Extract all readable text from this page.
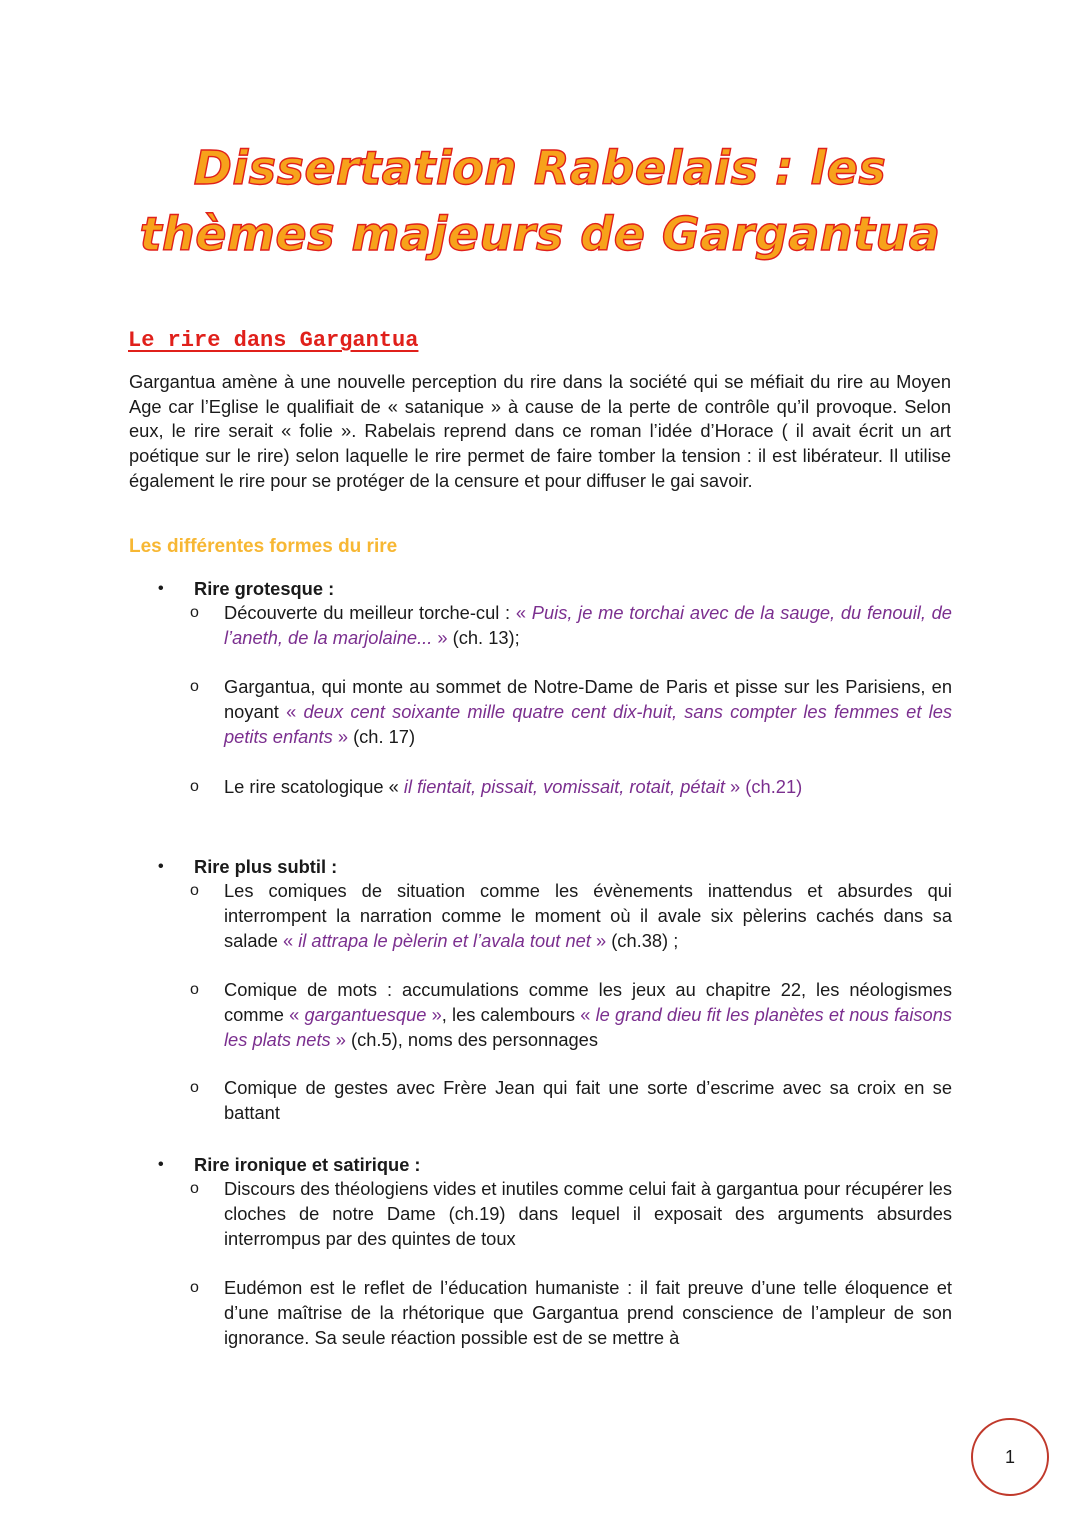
Dissertation Rabelais : les
thèmes majeurs de Gargantua
Le rire dans Gargantua

Gargantua amène à une nouvelle perception du rire dans la société qui se méfiait du rire au Moyen Age car l’Eglise le qualifiait de « satanique » à cause de la perte de contrôle qu’il provoque. Selon eux, le rire serait « folie ». Rabelais reprend dans ce roman l’idée d’Horace ( il avait écrit un art poétique sur le rire) selon laquelle le rire permet de faire tomber la tension : il est libérateur. Il utilise également le rire pour se protéger de la censure et pour diffuser le gai savoir.

Les différentes formes du rire
• Rire grotesque :
o Découverte du meilleur torche-cul : « Puis, je me torchai avec de la sauge, du fenouil, de l’aneth, de la marjolaine... » (ch. 13);
o Gargantua, qui monte au sommet de Notre-Dame de Paris et pisse sur les Parisiens, en noyant « deux cent soixante mille quatre cent dix-huit, sans compter les femmes et les petits enfants » (ch. 17)
o Le rire scatologique « il fientait, pissait, vomissait, rotait, pétait » (ch.21)
• Rire plus subtil :
o Les comiques de situation comme les évènements inattendus et absurdes qui interrompent la narration comme le moment où il avale six pèlerins cachés dans sa salade « il attrapa le pèlerin et l’avala tout net » (ch.38) ;
o Comique de mots : accumulations comme les jeux au chapitre 22, les néologismes comme « gargantuesque », les calembours « le grand dieu fit les planètes et nous faisons les plats nets » (ch.5), noms des personnages
o Comique de gestes avec Frère Jean qui fait une sorte d’escrime avec sa croix en se battant
• Rire ironique et satirique :
o Discours des théologiens vides et inutiles comme celui fait à gargantua pour récupérer les cloches de notre Dame (ch.19) dans lequel il exposait des arguments absurdes interrompus par des quintes de toux
o Eudémon est le reflet de l’éducation humaniste : il fait preuve d’une telle éloquence et d’une maîtrise de la rhétorique que Gargantua prend conscience de l’ampleur de son ignorance. Sa seule réaction possible est de se mettre à
1
